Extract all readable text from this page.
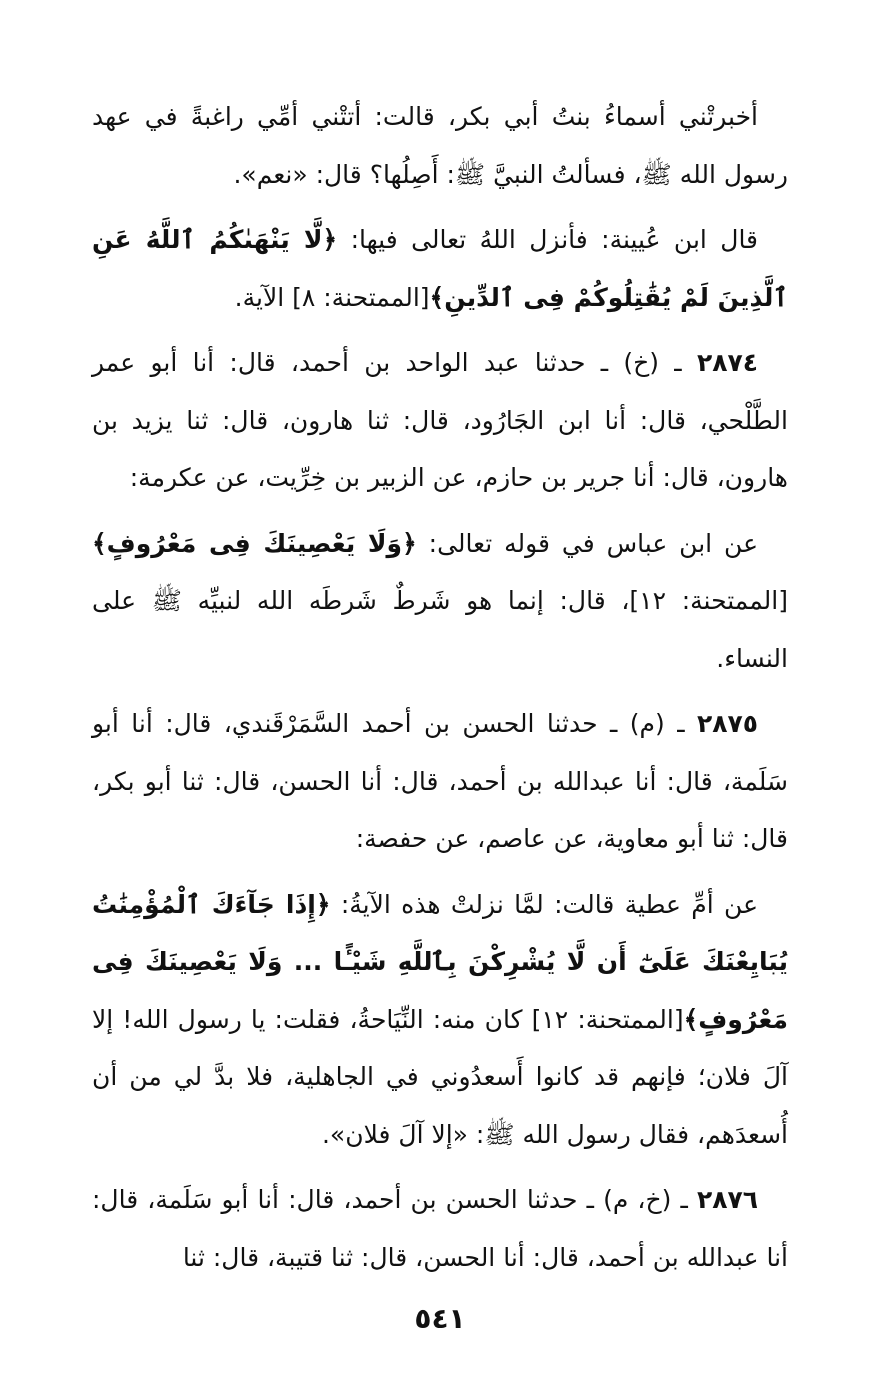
أخبرتْني أسماءُ بنتُ أبي بكر، قالت: أتتْني أمِّي راغبةً في عهد رسول الله ﷺ، فسألتُ النبيَّ ﷺ: أَصِلُها؟ قال: «نعم».

قال ابن عُيينة: فأنزل اللهُ تعالى فيها: ﴿لَّا يَنْهَىٰكُمُ ٱللَّهُ عَنِ ٱلَّذِينَ لَمْ يُقَٰتِلُوكُمْ فِى ٱلدِّينِ﴾[الممتحنة: ٨] الآية.

٢٨٧٤ ـ (خ) ـ حدثنا عبد الواحد بن أحمد، قال: أنا أبو عمر الطَّلْحي، قال: أنا ابن الجَارُود، قال: ثنا هارون، قال: ثنا يزيد بن هارون، قال: أنا جرير بن حازم، عن الزبير بن خِرِّيت، عن عكرمة:

عن ابن عباس في قوله تعالى: ﴿وَلَا يَعْصِينَكَ فِى مَعْرُوفٍ﴾[الممتحنة: ١٢]، قال: إنما هو شَرطٌ شَرطَه الله لنبيِّه ﷺ على النساء.

٢٨٧٥ ـ (م) ـ حدثنا الحسن بن أحمد السَّمَرْقَندي، قال: أنا أبو سَلَمة، قال: أنا عبدالله بن أحمد، قال: أنا الحسن، قال: ثنا أبو بكر، قال: ثنا أبو معاوية، عن عاصم، عن حفصة:

عن أمِّ عطية قالت: لمَّا نزلتْ هذه الآيةُ: ﴿إِذَا جَآءَكَ ٱلْمُؤْمِنَٰتُ يُبَايِعْنَكَ عَلَىٰٓ أَن لَّا يُشْرِكْنَ بِٱللَّهِ شَيْـًٔا ... وَلَا يَعْصِينَكَ فِى مَعْرُوفٍ﴾[الممتحنة: ١٢] كان منه: النِّيَاحةُ، فقلت: يا رسول الله! إلا آلَ فلان؛ فإنهم قد كانوا أَسعدُوني في الجاهلية، فلا بدَّ لي من أن أُسعدَهم، فقال رسول الله ﷺ: «إلا آلَ فلان».

٢٨٧٦ ـ (خ، م) ـ حدثنا الحسن بن أحمد، قال: أنا أبو سَلَمة، قال: أنا عبدالله بن أحمد، قال: أنا الحسن، قال: ثنا قتيبة، قال: ثنا

٥٤١
